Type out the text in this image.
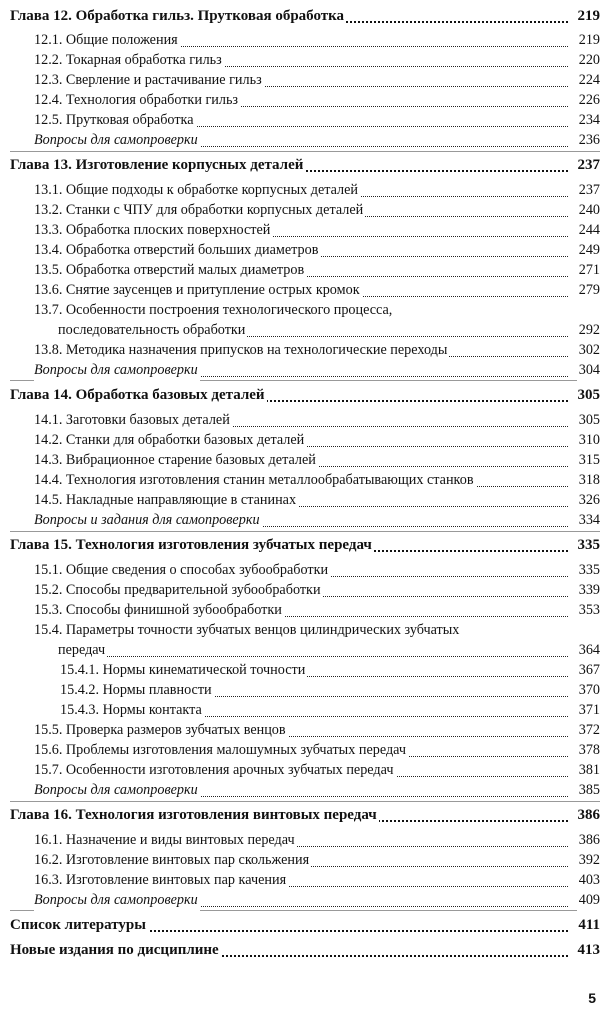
Глава 12. Обработка гильз. Прутковая обработка	219
12.1. Общие положения	219
12.2. Токарная обработка гильз	220
12.3. Сверление и растачивание гильз	224
12.4. Технология обработки гильз	226
12.5. Прутковая обработка	234
Вопросы для самопроверки	236
Глава 13. Изготовление корпусных деталей	237
13.1. Общие подходы к обработке корпусных деталей	237
13.2. Станки с ЧПУ для обработки корпусных деталей	240
13.3. Обработка плоских поверхностей	244
13.4. Обработка отверстий больших диаметров	249
13.5. Обработка отверстий малых диаметров	271
13.6. Снятие заусенцев и притупление острых кромок	279
13.7. Особенности построения технологического процесса,
последовательность обработки	292
13.8. Методика назначения припусков на технологические переходы	302
Вопросы для самопроверки	304
Глава 14. Обработка базовых деталей	305
14.1. Заготовки базовых деталей	305
14.2. Станки для обработки базовых деталей	310
14.3. Вибрационное старение базовых деталей	315
14.4. Технология изготовления станин металлообрабатывающих станков	318
14.5. Накладные направляющие в станинах	326
Вопросы и задания для самопроверки	334
Глава 15. Технология изготовления зубчатых передач	335
15.1. Общие сведения о способах зубообработки	335
15.2. Способы предварительной зубообработки	339
15.3. Способы финишной зубообработки	353
15.4. Параметры точности зубчатых венцов цилиндрических зубчатых
передач	364
15.4.1. Нормы кинематической точности	367
15.4.2. Нормы плавности	370
15.4.3. Нормы контакта	371
15.5. Проверка размеров зубчатых венцов	372
15.6. Проблемы изготовления малошумных зубчатых передач	378
15.7. Особенности изготовления арочных зубчатых передач	381
Вопросы для самопроверки	385
Глава 16. Технология изготовления винтовых передач	386
16.1. Назначение и виды винтовых передач	386
16.2. Изготовление винтовых пар скольжения	392
16.3. Изготовление винтовых пар качения	403
Вопросы для самопроверки	409
Список литературы	411
Новые издания по дисциплине	413
5
